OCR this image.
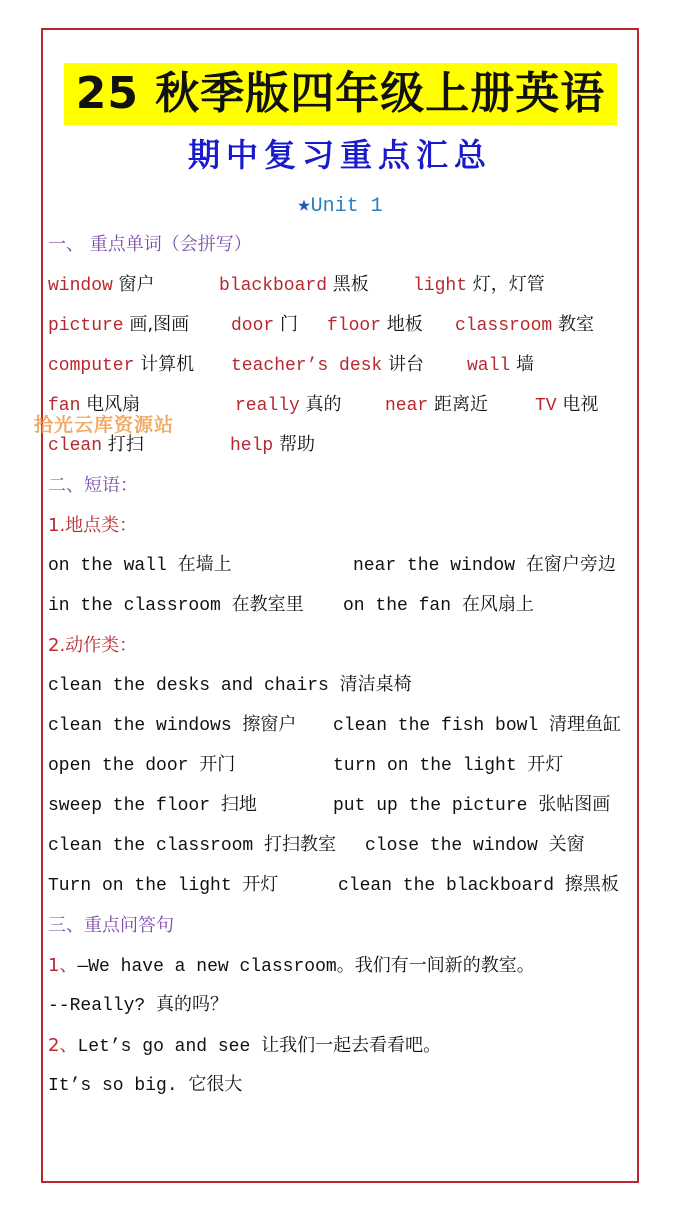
25 秋季版四年级上册英语
期中复习重点汇总
★Unit 1
一、 重点单词（会拼写）
window 窗户	blackboard 黑板 light 灯，灯管
picture 画,图画 door 门 floor 地板 classroom 教室
computer 计算机 teacher’s desk 讲台 wall 墙
fan 电风扇	really 真的 near 距离近	TV 电视
clean 打扫	help 帮助
拾光云库资源站
二、短语：
1.地点类：
on the wall 在墙上	near the window 在窗户旁边
in the classroom 在教室里 on the fan 在风扇上
2.动作类：
clean the desks and chairs 清洁桌椅
clean the windows 擦窗户 clean the fish bowl 清理鱼缸
open the door 开门	turn on the light 开灯
sweep the floor 扫地	put up the picture 张帖图画
clean the classroom 打扫教室 close the window 关窗
Turn on the light 开灯	clean the blackboard 擦黑板
三、重点问答句
1、—We have a new classroom。我们有一间新的教室。
--Really? 真的吗？
2、Let’s go and see 让我们一起去看看吧。
It’s so big. 它很大
